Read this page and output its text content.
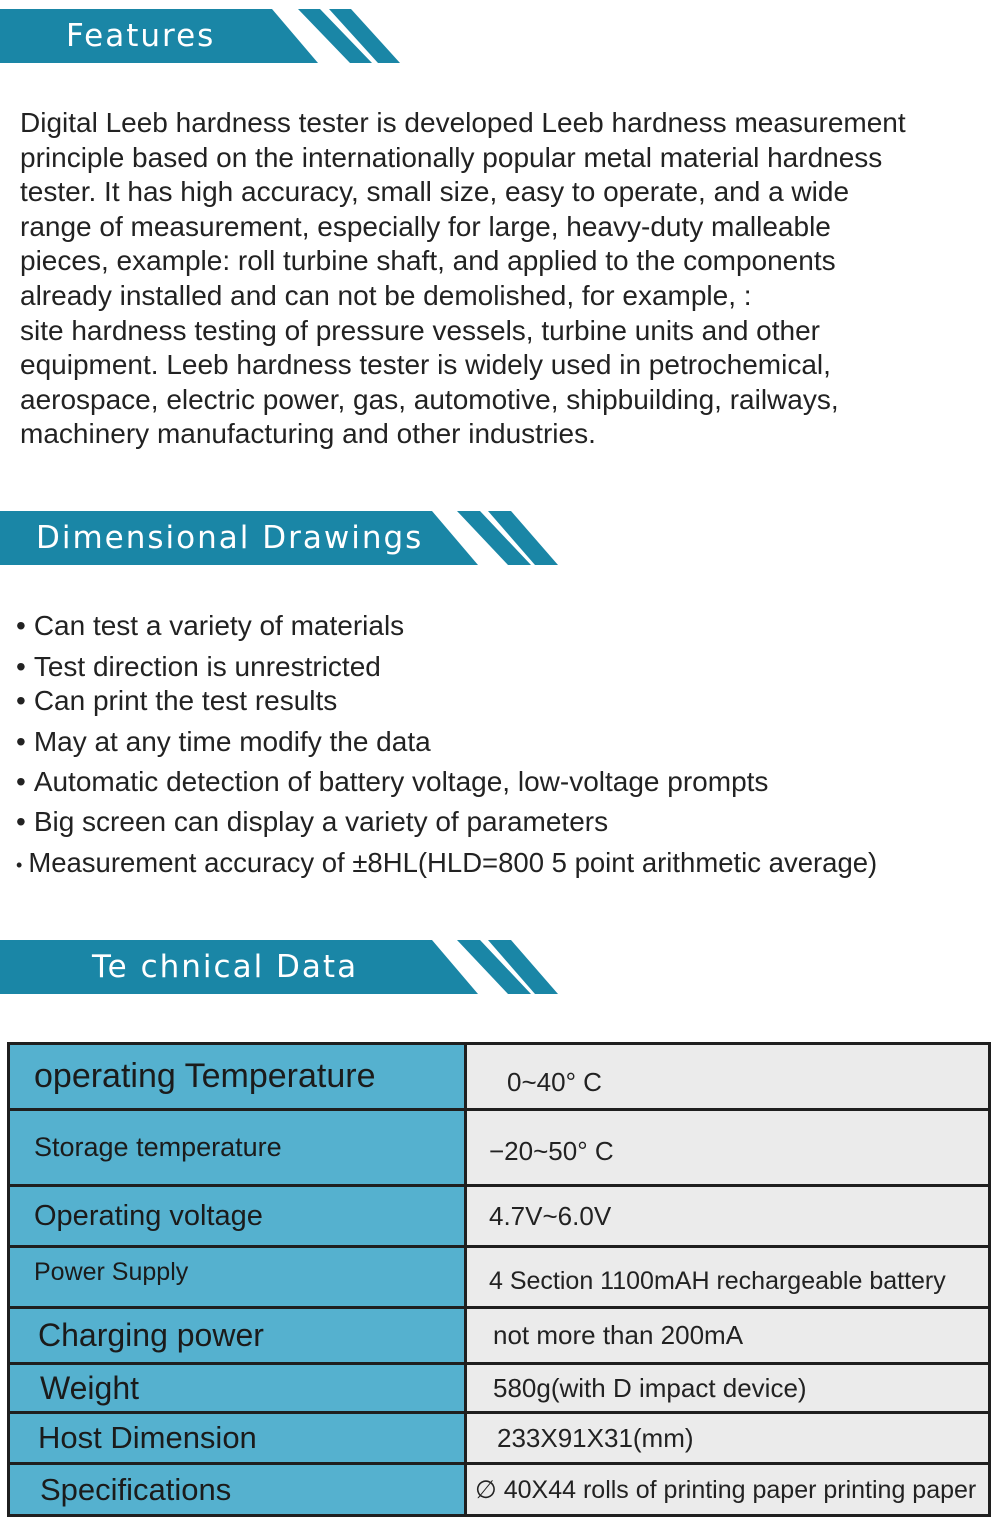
Features
Digital Leeb hardness tester is developed Leeb hardness measurement
principle based on the internationally popular metal material hardness
tester. It has high accuracy, small size, easy to operate, and a wide
range of measurement, especially for large, heavy-duty malleable
pieces, example: roll turbine shaft, and applied to the components
already installed and can not be demolished, for example, :
site hardness testing of pressure vessels, turbine units and other
equipment. Leeb hardness tester is widely used in petrochemical,
aerospace, electric power, gas, automotive, shipbuilding, railways,
machinery manufacturing and other industries.
Dimensional Drawings
• Can test a variety of materials
• Test direction is unrestricted
• Can print the test results
• May at any time modify the data
• Automatic detection of battery voltage, low-voltage prompts
• Big screen can display a variety of parameters
• Measurement accuracy of ±8HL(HLD=800 5 point arithmetic average)
Te chnical Data
operating Temperature	0~40° C
Storage temperature	−20~50° C
Operating voltage	4.7V~6.0V
Power Supply	4 Section 1100mAH rechargeable battery
Charging power	not more than 200mA
Weight	580g(with D impact device)
Host Dimension	233X91X31(mm)
Specifications	∅ 40X44 rolls of printing paper printing paper
